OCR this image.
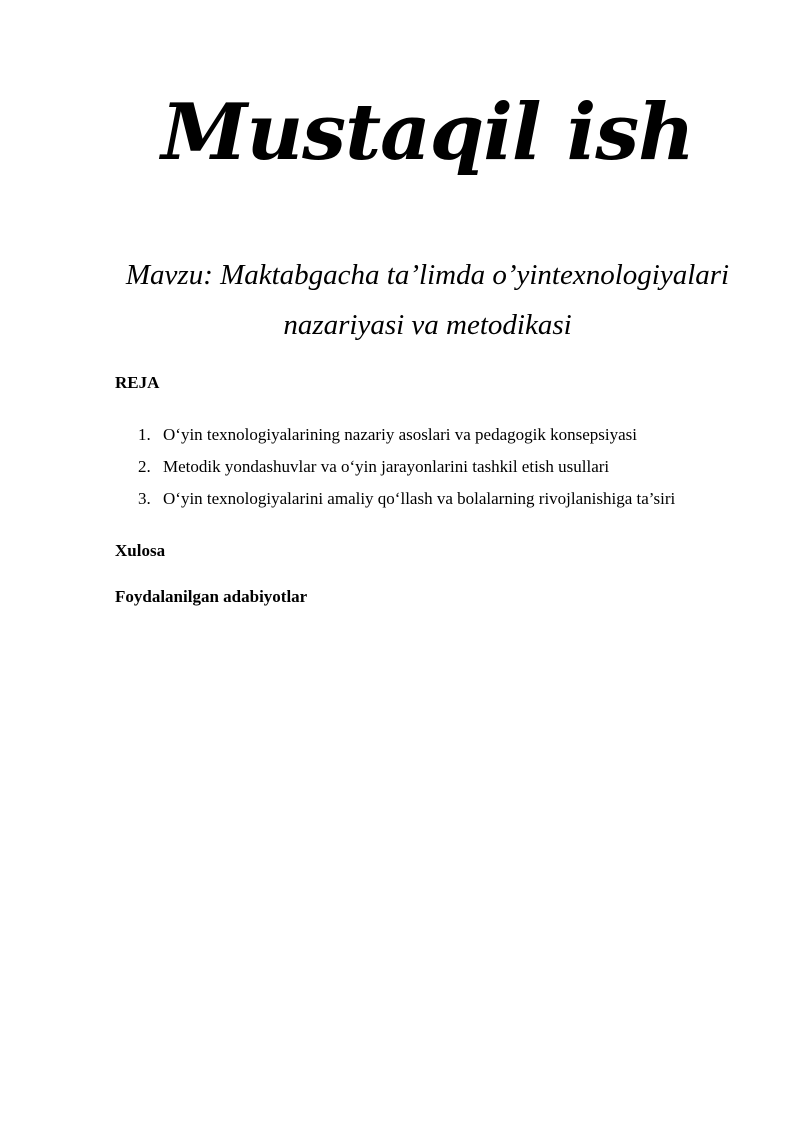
Mustaqil ish

Mavzu: Maktabgacha ta’limda o’yintexnologiyalari nazariyasi va metodikasi

REJA

1. O‘yin texnologiyalarining nazariy asoslari va pedagogik konsepsiyasi
2. Metodik yondashuvlar va o‘yin jarayonlarini tashkil etish usullari
3. O‘yin texnologiyalarini amaliy qo‘llash va bolalarning rivojlanishiga ta’siri

Xulosa

Foydalanilgan adabiyotlar
